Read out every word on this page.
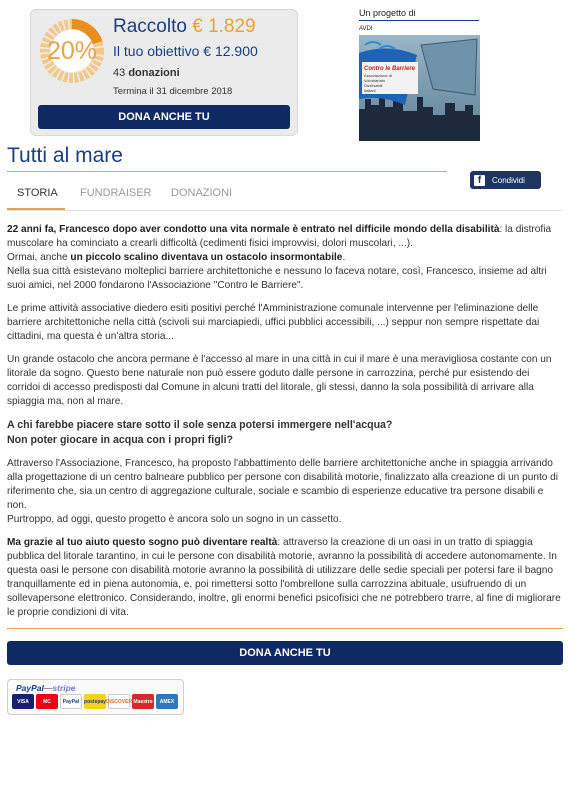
20%
Raccolto € 1.829
Il tuo obiettivo € 12.900
43 donazioni
Termina il 31 dicembre 2018
DONA ANCHE TU
Un progetto di
AVDI
Contro le Barriere
Associazione di
Volontariato
Diversabili
Italiani
Tutti al mare
f	Condividi
STORIA FUNDRAISER DONAZIONI

22 anni fa, Francesco dopo aver condotto una vita normale è entrato nel difficile mondo della disabilità: la distrofia muscolare ha cominciato a crearli difficoltà (cedimenti fisici improvvisi, dolori muscolari, ...).
Ormai, anche un piccolo scalino diventava un ostacolo insormontabile.
Nella sua città esistevano molteplici barriere architettoniche e nessuno lo faceva notare, così, Francesco, insieme ad altri suoi amici, nel 2000 fondarono l'Associazione "Contro le Barriere".

Le prime attività associative diedero esiti positivi perché l'Amministrazione comunale intervenne per l'eliminazione delle barriere architettoniche nella città (scivoli sui marciapiedi, uffici pubblici accessibili, ...) seppur non sempre rispettate dai cittadini, ma questa è un'altra storia...

Un grande ostacolo che ancora permane è l'accesso al mare in una città in cui il mare è una meravigliosa costante con un litorale da sogno. Questo bene naturale non può essere goduto dalle persone in carrozzina, perché pur esistendo dei corridoi di accesso predisposti dal Comune in alcuni tratti del litorale, gli stessi, danno la sola possibilità di arrivare alla spiaggia ma, non al mare.

A chi farebbe piacere stare sotto il sole senza potersi immergere nell'acqua?
Non poter giocare in acqua con i propri figli?

Attraverso l'Associazione, Francesco, ha proposto l'abbattimento delle barriere architettoniche anche in spiaggia arrivando alla progettazione di un centro balneare pubblico per persone con disabilità motorie, finalizzato alla creazione di un punto di riferimento che, sia un centro di aggregazione culturale, sociale e scambio di esperienze educative tra persone disabili e non.
Purtroppo, ad oggi, questo progetto è ancora solo un sogno in un cassetto.

Ma grazie al tuo aiuto questo sogno può diventare realtà: attraverso la creazione di un oasi in un tratto di spiaggia pubblica del litorale tarantino, in cui le persone con disabilità motorie, avranno la possibilità di accedere autonomamente. In questa oasi le persone con disabilità motorie avranno la possibilità di utilizzare delle sedie speciali per potersi fare il bagno tranquillamente ed in piena autonomia, e, poi rimettersi sotto l'ombrellone sulla carrozzina abituale, usufruendo di un sollevapersone elettronico. Considerando, inoltre, gli enormi benefici psicofisici che ne potrebbero trarre, al fine di migliorare le proprie condizioni di vita.

DONA ANCHE TU
PayPal—stripe
VISA	MC	PayPal postepay DISCOVER Maestro	AMEX
